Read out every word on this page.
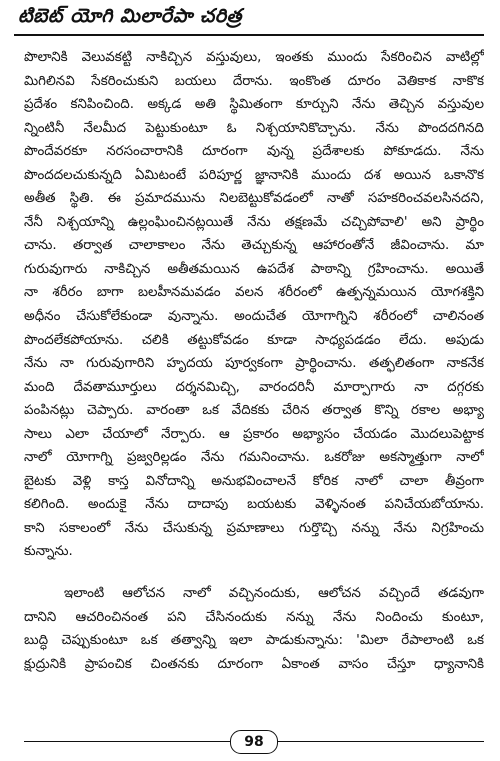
టిబెట్ యోగి మిలారేపా చరిత్ర
పొలానికి వెలువకట్టి నాకిచ్చిన వస్తువులు, ఇంతకు ముందు సేకరించిన వాటిల్లో
మిగిలినవి సేకరించుకుని బయలు దేరాను. ఇంకొంత దూరం వెతికాక నాకొక
ప్రదేశం కనిపించింది. అక్కడ అతి స్థిమితంగా కూర్చుని నేను తెచ్చిన వస్తువుల
న్నింటినీ నేలమీద పెట్టుకుంటూ ఓ నిశ్చయానికొచ్చాను. నేను పొందదగినది
పొందేవరకూ నరసంచారానికి దూరంగా వున్న ప్రదేశాలకు పోకూడదు. నేను
పొందదలచుకున్నది ఏమిటంటే పరిపూర్ణ జ్ఞానానికి ముందు దశ అయిన ఒకానొక
అతీత స్థితి. ఈ ప్రమాదమును నిలబెట్టుకోవడంలో నాతో సహకరించవలసినదని,
నేనీ నిశ్చయాన్ని ఉల్లంఘించినట్లయితే నేను తక్షణమే చచ్చిపోవాలి' అని ప్రార్థిం
చాను. తర్వాత చాలాకాలం నేను తెచ్చుకున్న ఆహారంతోనే జీవించాను. మా
గురువుగారు నాకిచ్చిన అతీతమయిన ఉపదేశ పాఠాన్ని గ్రహించాను. అయితే
నా శరీరం బాగా బలహీనమవడం వలన శరీరంలో ఉత్పన్నమయిన యోగశక్తిని
అధీనం చేసుకోలేకుండా వున్నాను. అందుచేత యోగాగ్నిని శరీరంలో చాలినంత
పొందలేకపోయాను. చలికి తట్టుకోవడం కూడా సాధ్యపడడం లేదు. అపుడు
నేను నా గురువుగారిని హృదయ పూర్వకంగా ప్రార్థించాను. తత్ఫలితంగా నాకనేక
మంది దేవతామూర్తులు దర్శనమిచ్చి, వారందరినీ మార్పాగారు నా దగ్గరకు
పంపినట్లు చెప్పారు. వారంతా ఒక వేదికకు చేరిన తర్వాత కొన్ని రకాల అభ్యా
సాలు ఎలా చేయాలో నేర్పారు. ఆ ప్రకారం అభ్యాసం చేయడం మొదలుపెట్టాక
నాలో యోగాగ్ని ప్రజ్వరిల్లడం నేను గమనించాను. ఒకరోజు అకస్మాత్తుగా నాలో
బైటకు వెళ్లి కాస్త వినోదాన్ని అనుభవించాలనే కోరిక నాలో చాలా తీవ్రంగా
కలిగింది. అందుకై నేను దాదాపు బయటకు వెళ్ళినంత పనిచేయబోయాను.
కాని సకాలంలో నేను చేసుకున్న ప్రమాణాలు గుర్తొచ్చి నన్ను నేను నిగ్రహించు
కున్నాను.
ఇలాంటి ఆలోచన నాలో వచ్చినందుకు, ఆలోచన వచ్చిందే తడవుగా
దానిని ఆచరించినంత పని చేసినందుకు నన్ను నేను నిందించు కుంటూ,
బుద్ధి చెప్పుకుంటూ ఒక తత్వాన్ని ఇలా పాడుకున్నాను: 'మిలా రేపాలాంటి ఒక
క్షుద్రునికి ప్రాపంచిక చింతనకు దూరంగా ఏకాంత వాసం చేస్తూ ధ్యానానికి
98
